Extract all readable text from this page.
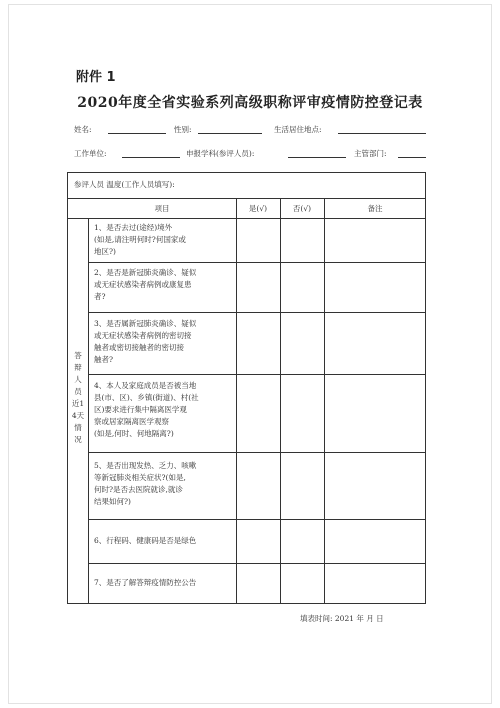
附件 1
2020年度全省实验系列高级职称评审疫情防控登记表
姓名:	性别:	生活居住地点:
工作单位:	申报学科(参评人员):	主管部门:
参评人员 温度(工作人员填写):
项目	是(√)	否(√)	备注
答辩人员近14天情况
1、是否去过(途经)境外
(如是,请注明何时?何国家或
地区?)
2、是否是新冠肺炎确诊、疑似
或无症状感染者病例或康复患
者?
3、是否属新冠肺炎确诊、疑似
或无症状感染者病例的密切接
触者或密切接触者的密切接
触者?
4、本人及家庭成员是否被当地
县(市、区)、乡镇(街道)、村(社
区)要求进行集中隔离医学观
察或居家隔离医学观察
(如是,何时、何地隔离?)
5、是否出现发热、乏力、咳嗽
等新冠肺炎相关症状?(如是,
何时?是否去医院就诊,就诊
结果如何?)
6、行程码、健康码是否是绿色
7、是否了解答辩疫情防控公告
填表时间: 2021 年 月 日
